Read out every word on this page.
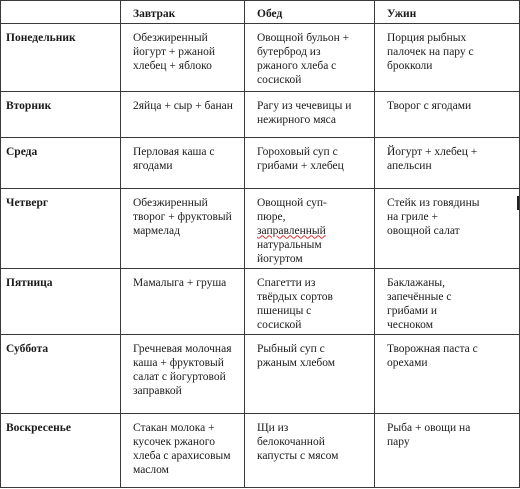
	Завтрак	Обед	Ужин
Понедельник	Обезжиренный йогурт + ржаной хлебец + яблоко	Овощной бульон + бутерброд из ржаного хлеба с сосиской	Порция рыбных палочек на пару с брокколи

Вторник	2яйца + сыр + банан	Рагу из чечевицы и нежирного мяса	Творог с ягодами

Среда	Перловая каша с ягодами	Гороховый суп с грибами + хлебец	Йогурт + хлебец + апельсин

Четверг	Обезжиренный творог + фруктовый мармелад	Овощной суп-пюре, заправленный натуральным йогуртом	Стейк из говядины на гриле + овощной салат

Пятница	Мамалыга + груша	Спагетти из твёрдых сортов пшеницы с сосиской	Баклажаны, запечённые с грибами и чесноком

Суббота	Гречневая молочная каша + фруктовый салат с йогуртовой заправкой	Рыбный суп с ржаным хлебом	Творожная паста с орехами

Воскресенье	Стакан молока + кусочек ржаного хлеба с арахисовым маслом	Щи из белокочанной капусты с мясом	Рыба + овощи на пару
